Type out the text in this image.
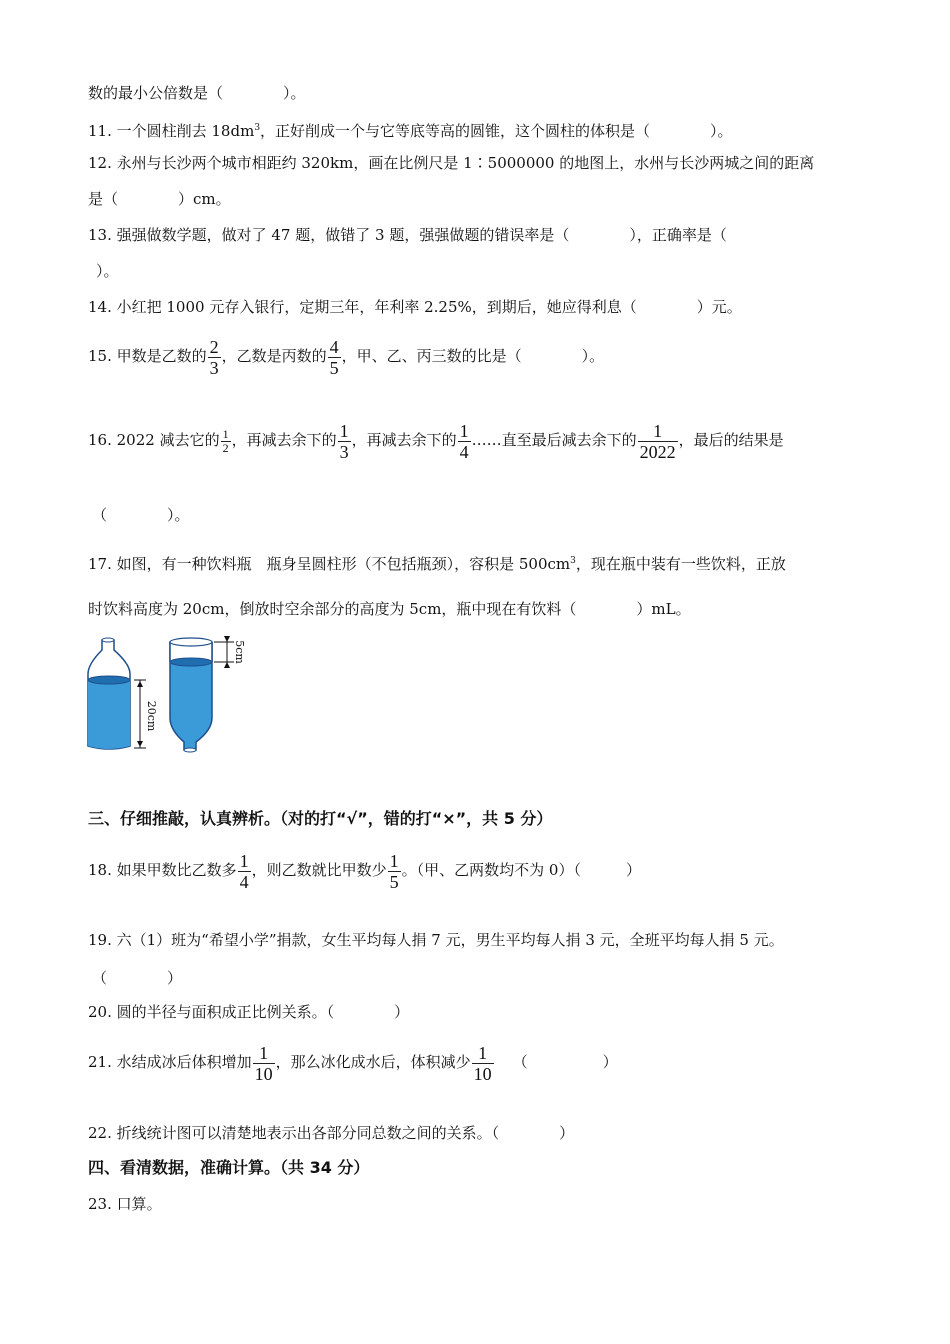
数的最小公倍数是（　　　　）。
11. 一个圆柱削去 $18dm^3$，正好削成一个与它等底等高的圆锥，这个圆柱的体积是（　　　　）。
12. 永州与长沙两个城市相距约 320km，画在比例尺是 1∶5000000 的地图上，水州与长沙两城之间的距离
是（　　　　）cm。
13. 强强做数学题，做对了 47 题，做错了 3 题，强强做题的错误率是（　　　　），正确率是（
）。
14. 小红把 1000 元存入银行，定期三年，年利率 2.25%，到期后，她应得利息（　　　　）元。
15. 甲数是乙数的 $\frac{2}{3}$ ，乙数是丙数的 $\frac{4}{5}$ ，甲、乙、丙三数的比是（　　　　）。
16. 2022 减去它的 $\frac{1}{2}$ ，再减去余下的 $\frac{1}{3}$ ，再减去余下的 $\frac{1}{4}$ ……直至最后减去余下的 $\frac{1}{2022}$ ，最后的结果是
（　　　　）。
17. 如图，有一种饮料瓶　瓶身呈圆柱形（不包括瓶颈），容积是 $500cm^3$，现在瓶中装有一些饮料，正放
时饮料高度为 20cm，倒放时空余部分的高度为 5cm，瓶中现在有饮料（　　　　）mL。
20cm
5cm
三、仔细推敲，认真辨析。（对的打“√”，错的打“×”，共 5 分）
18. 如果甲数比乙数多 $\frac{1}{4}$ ，则乙数就比甲数少 $\frac{1}{5}$ 。（甲、乙两数均不为 0）（　　　）
19. 六（1）班为“希望小学”捐款，女生平均每人捐 7 元，男生平均每人捐 3 元，全班平均每人捐 5 元。
（　　　　）
20. 圆的半径与面积成正比例关系。（　　　　）
21. 水结成冰后体积增加 $\frac{1}{10}$ ，那么冰化成水后，体积减少 $\frac{1}{10}$ （　　　　　）
22. 折线统计图可以清楚地表示出各部分同总数之间的关系。（　　　　）
四、看清数据，准确计算。（共 34 分）
23. 口算。
